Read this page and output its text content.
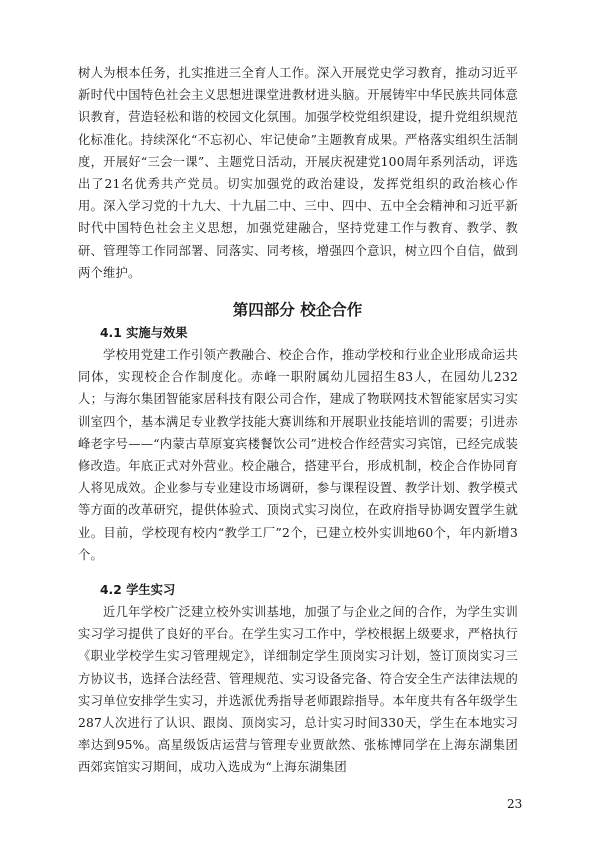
树人为根本任务，扎实推进三全育人工作。深入开展党史学习教育，推动习近平新时代中国特色社会主义思想进课堂进教材进头脑。开展铸牢中华民族共同体意识教育，营造轻松和谐的校园文化氛围。加强学校党组织建设，提升党组织规范化标准化。持续深化“不忘初心、牢记使命”主题教育成果。严格落实组织生活制度，开展好“三会一课”、主题党日活动，开展庆祝建党100周年系列活动，评选出了21名优秀共产党员。切实加强党的政治建设，发挥党组织的政治核心作用。深入学习党的十九大、十九届二中、三中、四中、五中全会精神和习近平新时代中国特色社会主义思想，加强党建融合，坚持党建工作与教育、教学、教研、管理等工作同部署、同落实、同考核，增强四个意识，树立四个自信，做到两个维护。

第四部分 校企合作
4.1 实施与效果

学校用党建工作引领产教融合、校企合作，推动学校和行业企业形成命运共同体，实现校企合作制度化。赤峰一职附属幼儿园招生83人，在园幼儿232人；与海尔集团智能家居科技有限公司合作，建成了物联网技术智能家居实习实训室四个，基本满足专业教学技能大赛训练和开展职业技能培训的需要；引进赤峰老字号——“内蒙古草原宴宾楼餐饮公司”进校合作经营实习宾馆，已经完成装修改造。年底正式对外营业。校企融合，搭建平台，形成机制，校企合作协同育人将见成效。企业参与专业建设市场调研，参与课程设置、教学计划、教学模式等方面的改革研究，提供体验式、顶岗式实习岗位，在政府指导协调安置学生就业。目前，学校现有校内“教学工厂”2个，已建立校外实训地60个，年内新增3个。

4.2 学生实习

近几年学校广泛建立校外实训基地，加强了与企业之间的合作，为学生实训实习学习提供了良好的平台。在学生实习工作中，学校根据上级要求，严格执行《职业学校学生实习管理规定》，详细制定学生顶岗实习计划，签订顶岗实习三方协议书，选择合法经营、管理规范、实习设备完备、符合安全生产法律法规的实习单位安排学生实习，并选派优秀指导老师跟踪指导。本年度共有各年级学生287人次进行了认识、跟岗、顶岗实习，总计实习时间330天，学生在本地实习率达到95%。高星级饭店运营与管理专业贾歆然、张栋博同学在上海东湖集团西郊宾馆实习期间，成功入选成为“上海东湖集团

23
